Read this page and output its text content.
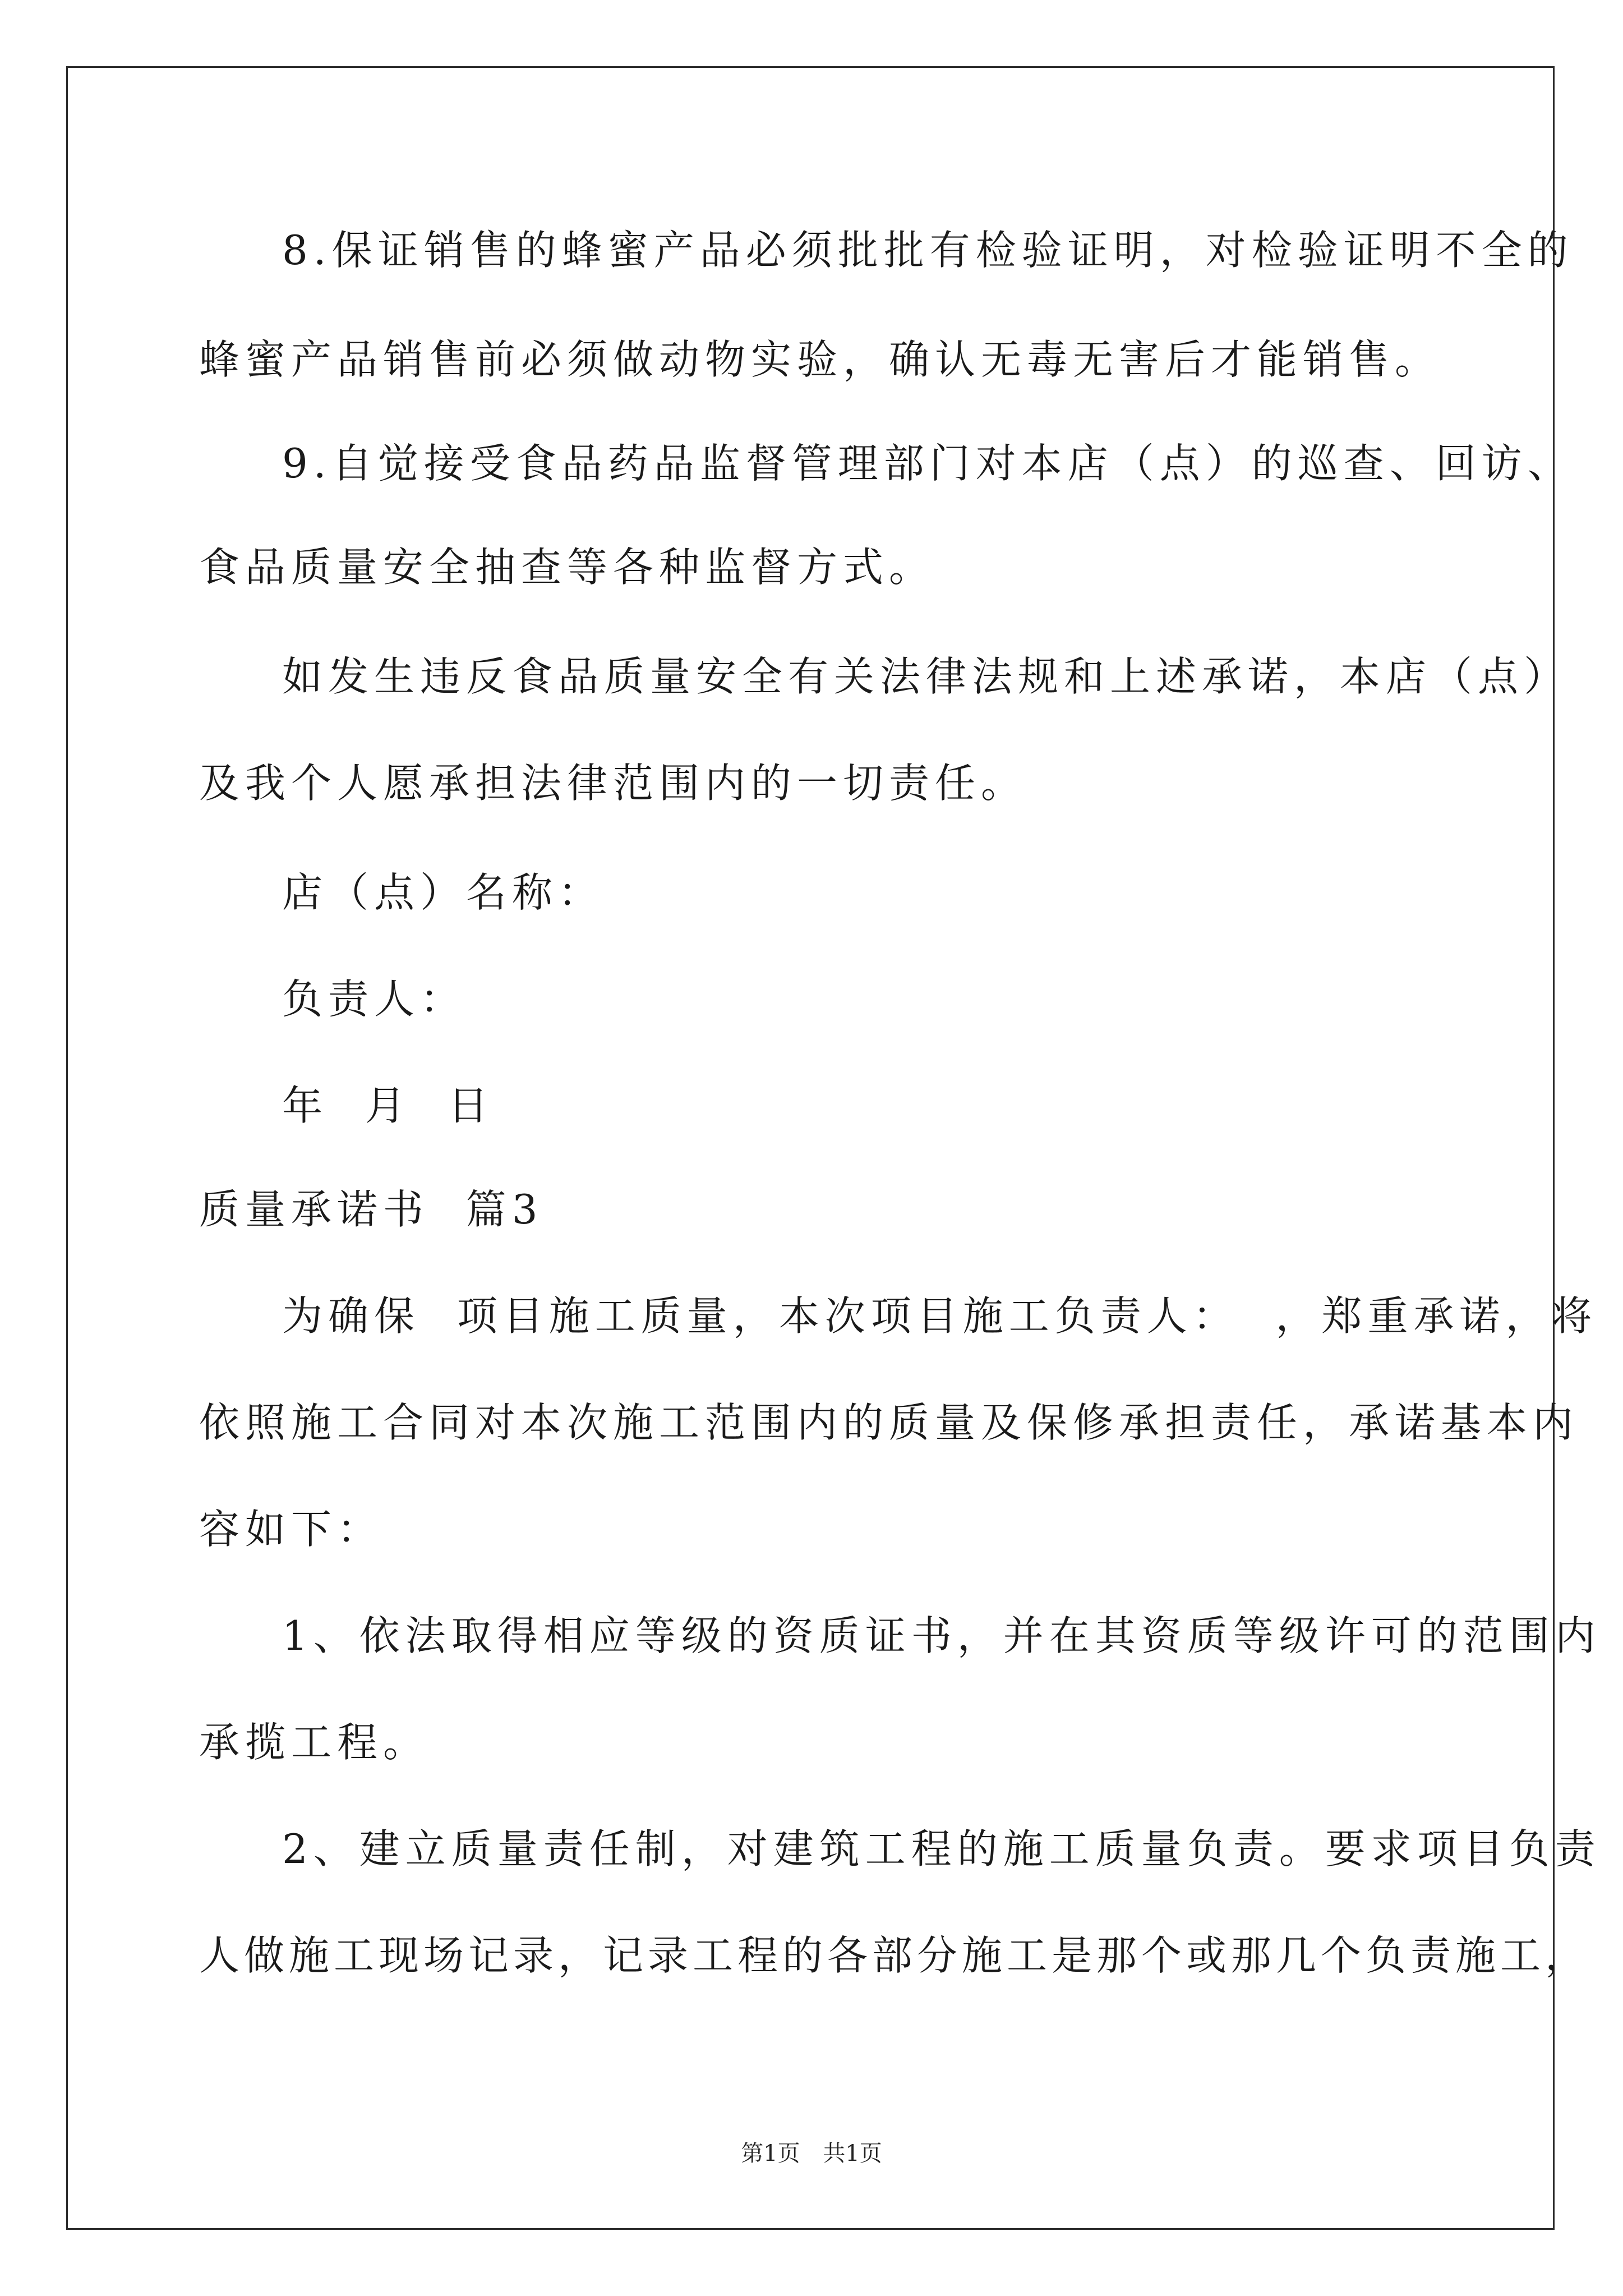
8.保证销售的蜂蜜产品必须批批有检验证明，对检验证明不全的
蜂蜜产品销售前必须做动物实验，确认无毒无害后才能销售。
9.自觉接受食品药品监督管理部门对本店（点）的巡查、回访、
食品质量安全抽查等各种监督方式。
如发生违反食品质量安全有关法律法规和上述承诺，本店（点）
及我个人愿承担法律范围内的一切责任。
店（点）名称：
负责人：
年  月  日
质量承诺书  篇3
为确保  项目施工质量，本次项目施工负责人：  ，郑重承诺，将
依照施工合同对本次施工范围内的质量及保修承担责任，承诺基本内
容如下：
1、依法取得相应等级的资质证书，并在其资质等级许可的范围内
承揽工程。
2、建立质量责任制，对建筑工程的施工质量负责。要求项目负责
人做施工现场记录，记录工程的各部分施工是那个或那几个负责施工，
第1页 共1页
